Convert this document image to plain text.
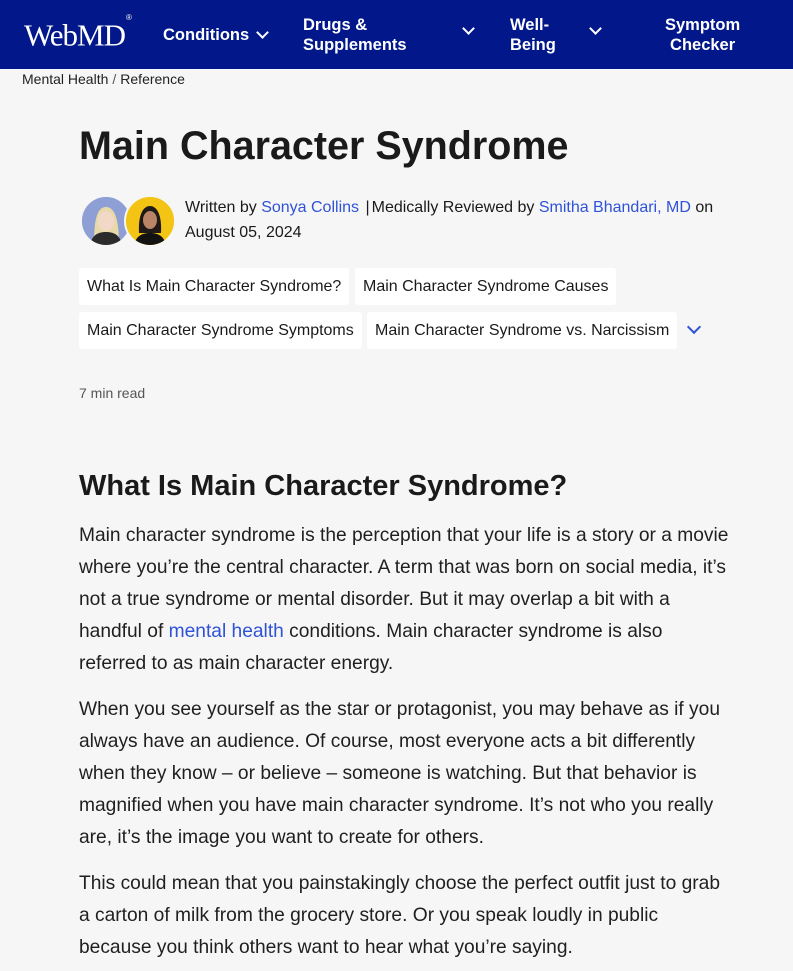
WebMD®
Conditions
Drugs &
Supplements
Well-
Being
Symptom
Checker
Mental Health / Reference
Main Character Syndrome
Written by Sonya Collins | Medically Reviewed by Smitha Bhandari, MD on
August 05, 2024
What Is Main Character Syndrome?	Main Character Syndrome Causes
Main Character Syndrome Symptoms	Main Character Syndrome vs. Narcissism
7 min read
What Is Main Character Syndrome?

Main character syndrome is the perception that your life is a story or a movie where you’re the central character. A term that was born on social media, it’s not a true syndrome or mental disorder. But it may overlap a bit with a handful of mental health conditions. Main character syndrome is also referred to as main character energy.

When you see yourself as the star or protagonist, you may behave as if you always have an audience. Of course, most everyone acts a bit differently when they know – or believe – someone is watching. But that behavior is magnified when you have main character syndrome. It’s not who you really are, it’s the image you want to create for others.

This could mean that you painstakingly choose the perfect outfit just to grab a carton of milk from the grocery store. Or you speak loudly in public because you think others want to hear what you’re saying.
